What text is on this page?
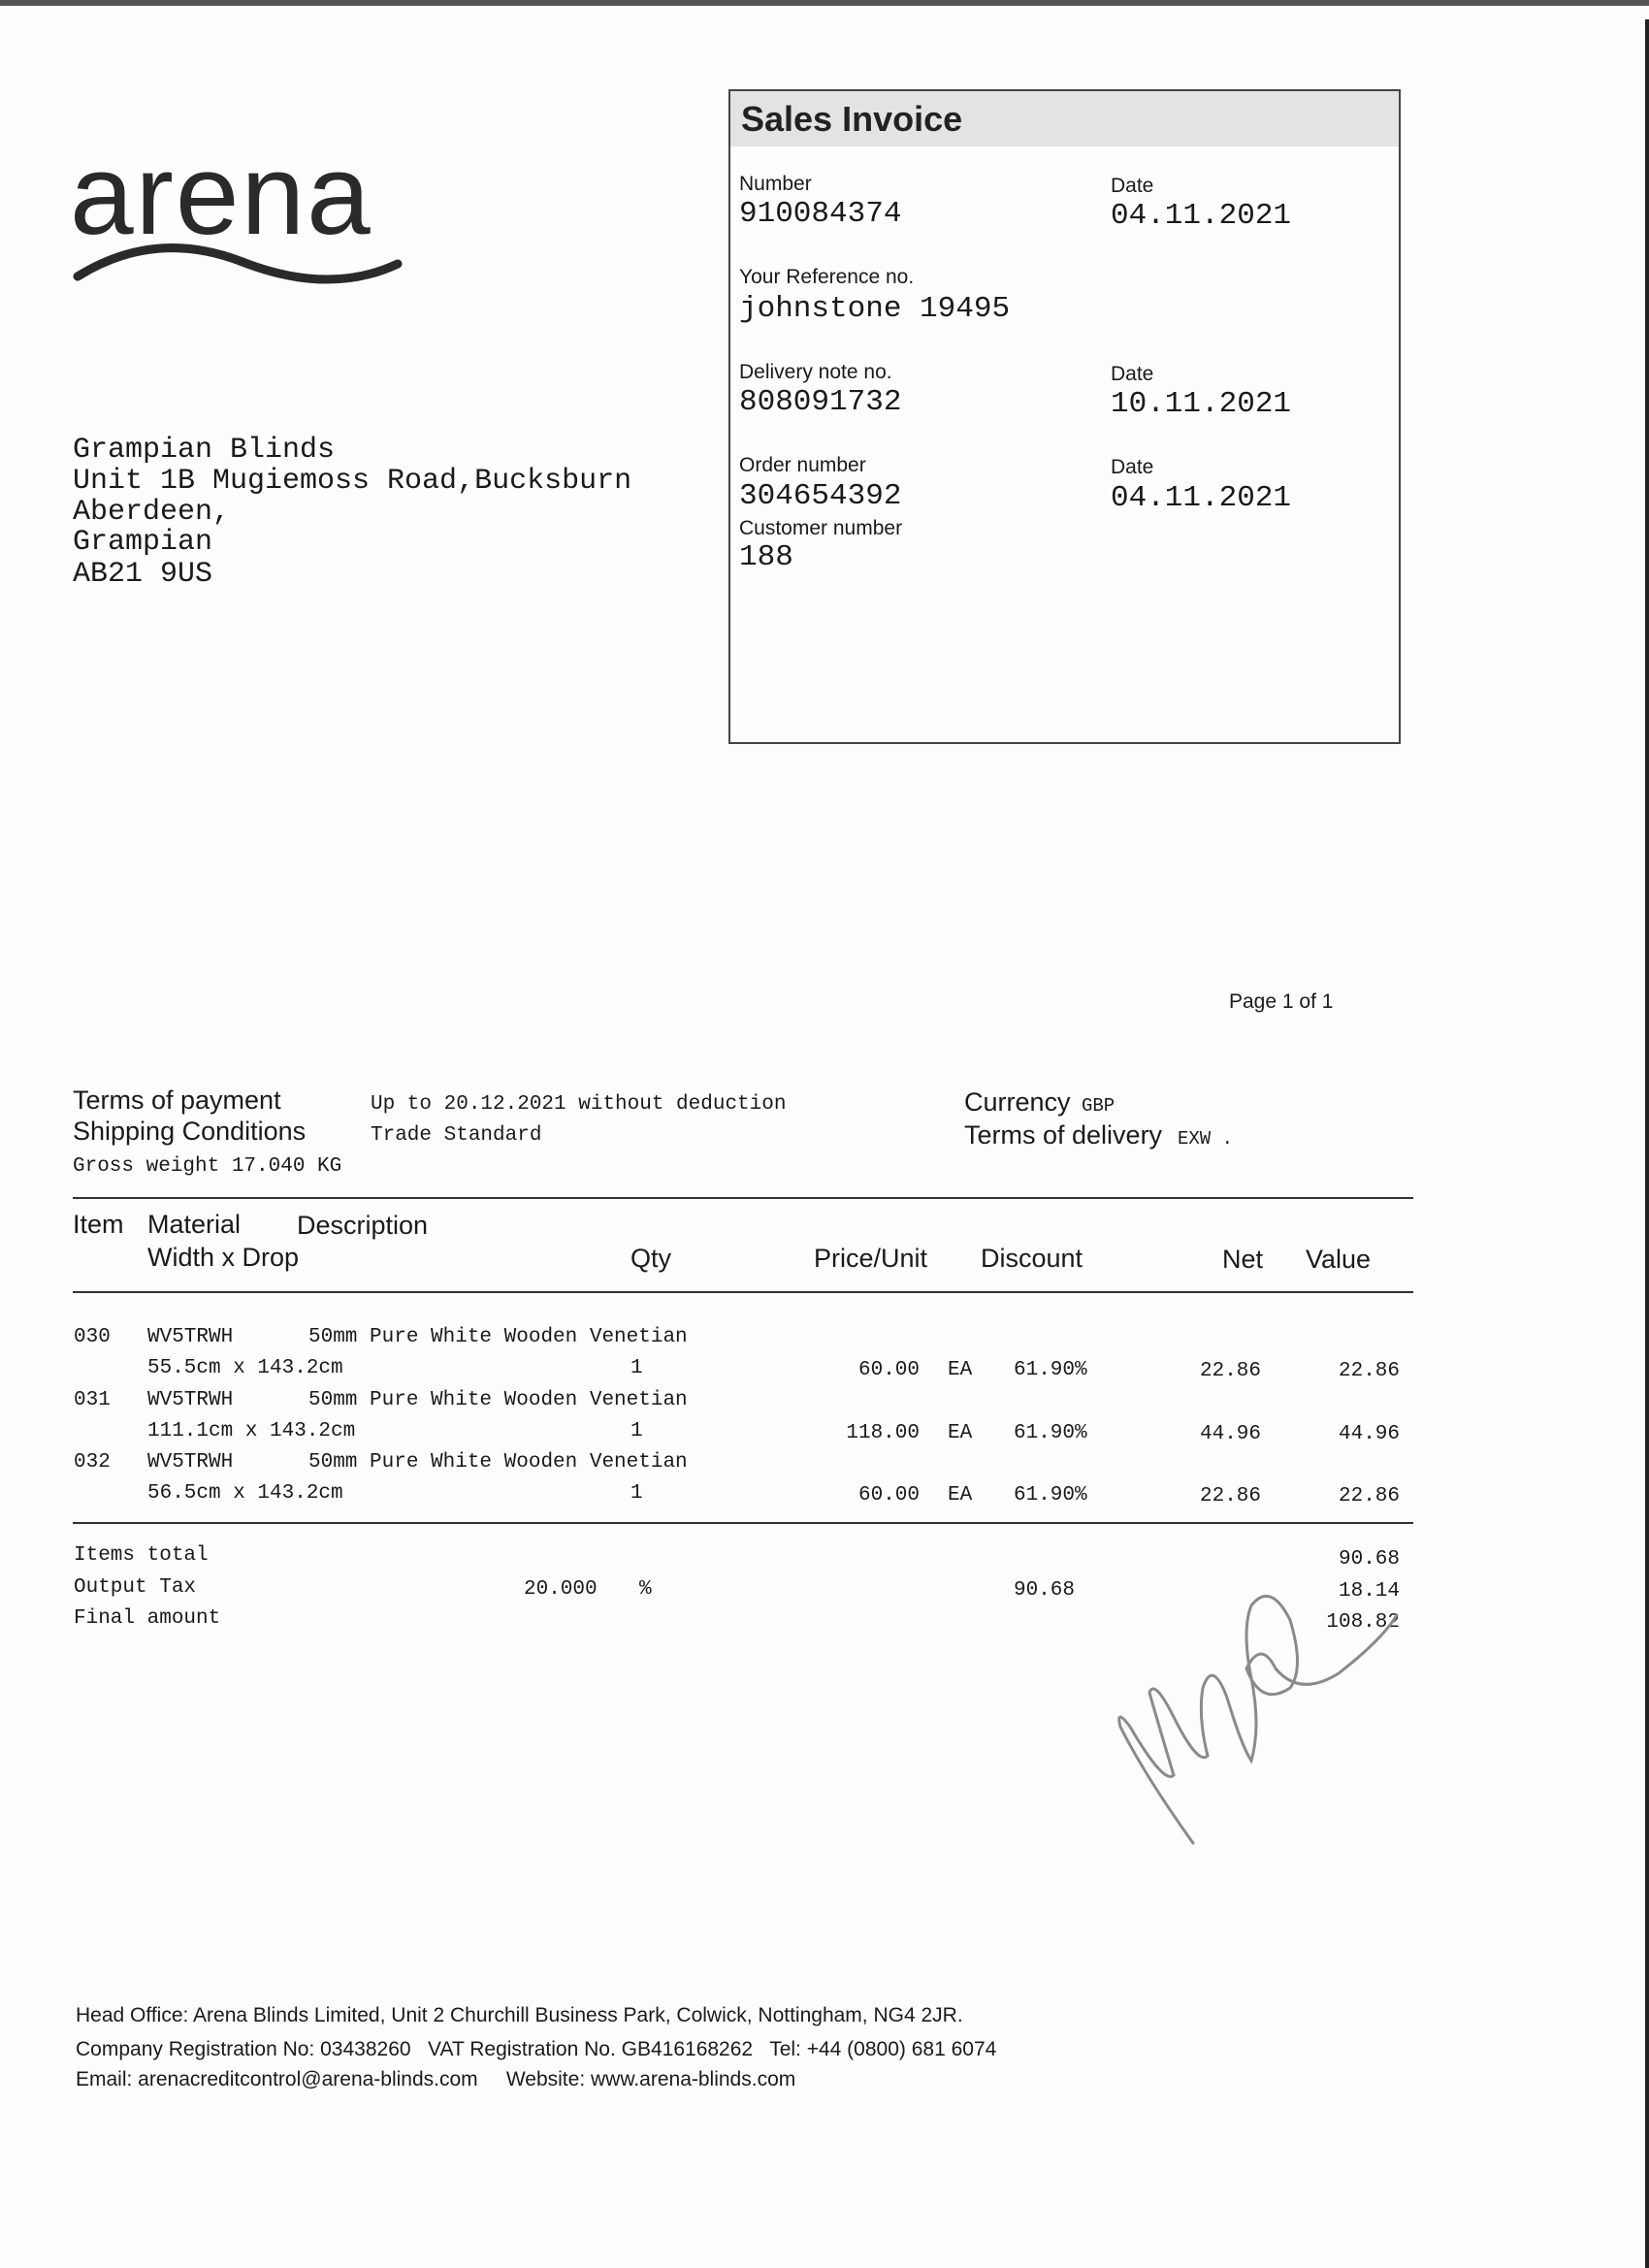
arena
Grampian Blinds
Unit 1B Mugiemoss Road,Bucksburn
Aberdeen,
Grampian
AB21 9US
Sales Invoice
Number
910084374
Date
04.11.2021
Your Reference no.
johnstone 19495
Delivery note no.
808091732
Date
10.11.2021
Order number
304654392
Date
04.11.2021
Customer number
188
Page 1 of 1
Terms of payment	Up to 20.12.2021 without deduction
Shipping Conditions	Trade Standard
Gross weight 17.040 KG
Currency GBP
Terms of delivery EXW .
Item Material Description
Width x Drop	Qty	Price/Unit Discount	Net Value
030 WV5TRWH	50mm Pure White Wooden Venetian
55.5cm x 143.2cm	1	60.00 EA 61.90%	22.86	22.86
031 WV5TRWH	50mm Pure White Wooden Venetian
111.1cm x 143.2cm	1	118.00 EA 61.90%	44.96	44.96
032 WV5TRWH	50mm Pure White Wooden Venetian
56.5cm x 143.2cm	1	60.00 EA 61.90%	22.86	22.86
Items total	90.68
Output Tax	20.000 %	90.68	18.14
Final amount	108.82
Head Office: Arena Blinds Limited, Unit 2 Churchill Business Park, Colwick, Nottingham, NG4 2JR.
Company Registration No: 03438260   VAT Registration No. GB416168262   Tel: +44 (0800) 681 6074
Email: arenacreditcontrol@arena-blinds.com     Website: www.arena-blinds.com
